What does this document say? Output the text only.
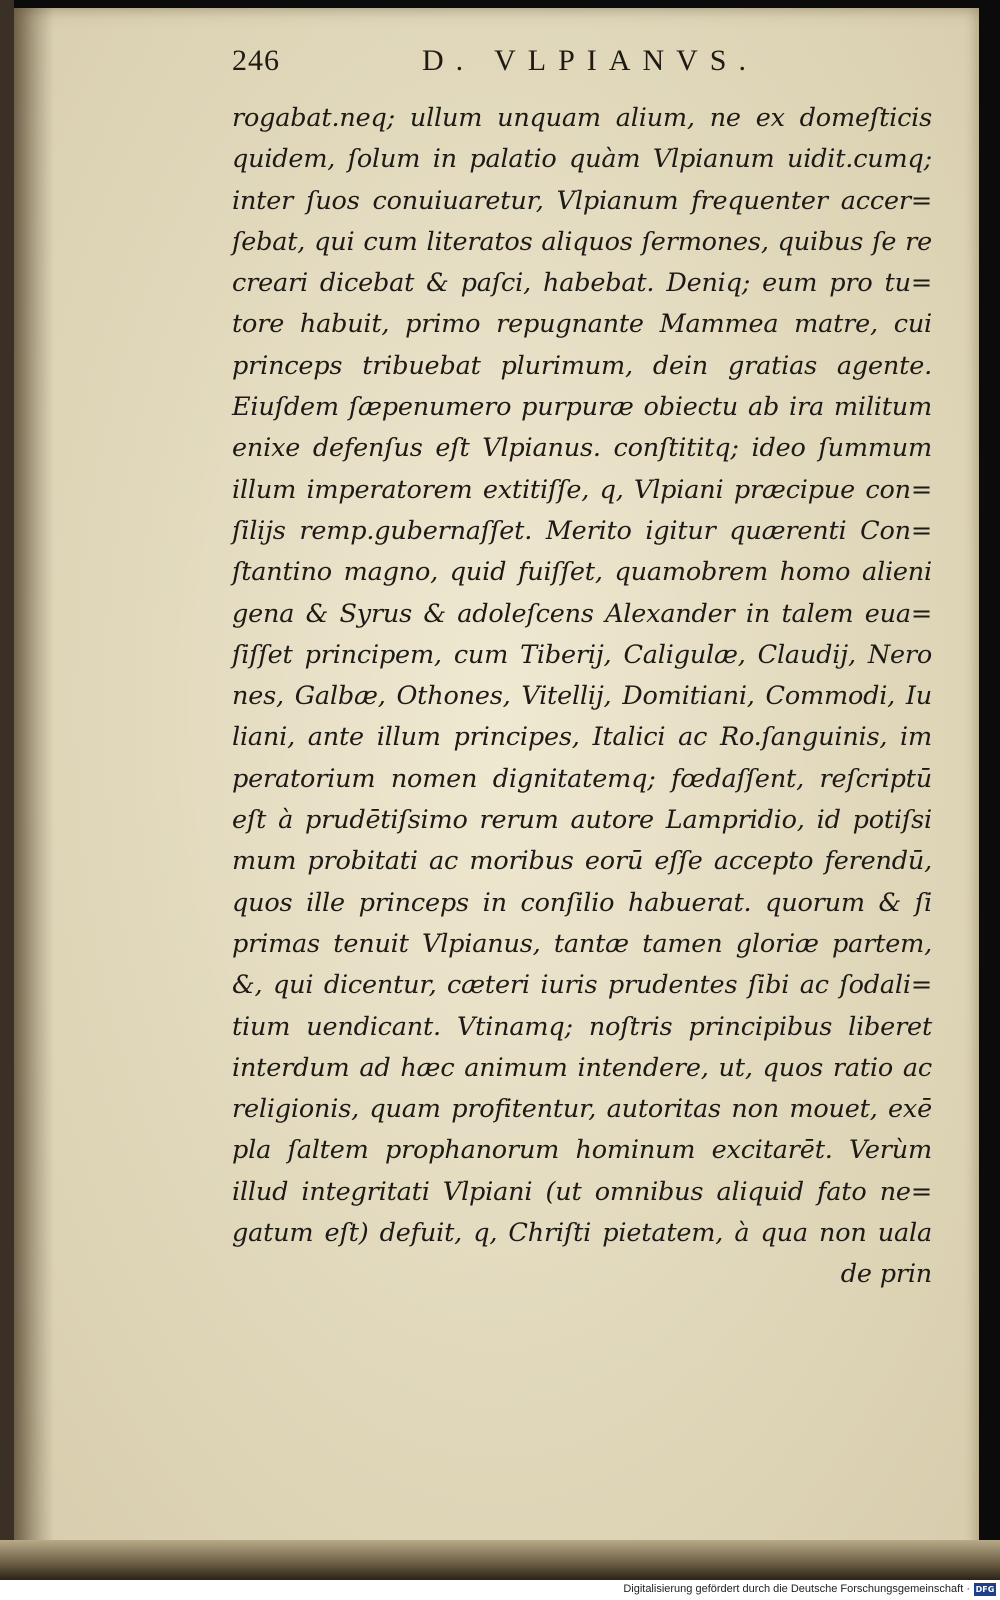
246	D. VLPIANVS.
rogabat.neq; ullum unquam alium, ne ex domeſticis
quidem, ſolum in palatio quàm Vlpianum uidit.cumq;
inter ſuos conuiuaretur, Vlpianum frequenter accer=
ſebat, qui cum literatos aliquos ſermones, quibus ſe re
creari dicebat & paſci, habebat. Deniq; eum pro tu=
tore habuit, primo repugnante Mammea matre, cui
princeps tribuebat plurimum, dein gratias agente.
Eiuſdem ſæpenumero purpuræ obiectu ab ira militum
enixe defenſus eſt Vlpianus. conſtititq; ideo ſummum
illum imperatorem extitiſſe, q, Vlpiani præcipue con=
ſilijs remp.gubernaſſet. Merito igitur quærenti Con=
ſtantino magno, quid fuiſſet, quamobrem homo alieni
gena & Syrus & adoleſcens Alexander in talem eua=
ſiſſet principem, cum Tiberij, Caligulæ, Claudij, Nero
nes, Galbæ, Othones, Vitellij, Domitiani, Commodi, Iu
liani, ante illum principes, Italici ac Ro.ſanguinis, im
peratorium nomen dignitatemq; fœdaſſent, reſcriptū
eſt à prudētiſsimo rerum autore Lampridio, id potiſsi
mum probitati ac moribus eorū eſſe accepto ferendū,
quos ille princeps in conſilio habuerat. quorum & ſi
primas tenuit Vlpianus, tantæ tamen gloriæ partem,
&, qui dicentur, cæteri iuris prudentes ſibi ac ſodali=
tium uendicant. Vtinamq; noſtris principibus liberet
interdum ad hæc animum intendere, ut, quos ratio ac
religionis, quam profitentur, autoritas non mouet, exē
pla ſaltem prophanorum hominum excitarēt. Verùm
illud integritati Vlpiani (ut omnibus aliquid fato ne=
gatum eſt) defuit, q, Chriſti pietatem, à qua non uala
de prin
Digitalisierung gefördert durch die Deutsche Forschungsgemeinschaft · DFG
